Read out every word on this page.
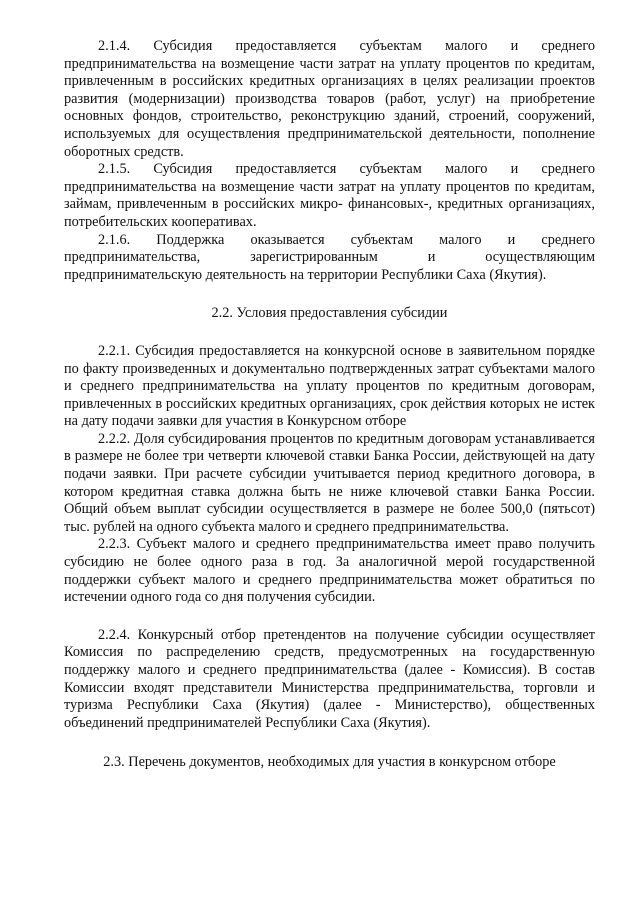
2.1.4. Субсидия предоставляется субъектам малого и среднего предпринимательства на возмещение части затрат на уплату процентов по кредитам, привлеченным в российских кредитных организациях в целях реализации проектов развития (модернизации) производства товаров (работ, услуг) на приобретение основных фондов, строительство, реконструкцию зданий, строений, сооружений, используемых для осуществления предпринимательской деятельности, пополнение оборотных средств.

2.1.5. Субсидия предоставляется субъектам малого и среднего предпринимательства на возмещение части затрат на уплату процентов по кредитам, займам, привлеченным в российских микро- финансовых-, кредитных организациях, потребительских кооперативах.

2.1.6. Поддержка оказывается субъектам малого и среднего предпринимательства, зарегистрированным и осуществляющим предпринимательскую деятельность на территории Республики Саха (Якутия).

2.2. Условия предоставления субсидии

2.2.1. Субсидия предоставляется на конкурсной основе в заявительном порядке по факту произведенных и документально подтвержденных затрат субъектами малого и среднего предпринимательства на уплату процентов по кредитным договорам, привлеченных в российских кредитных организациях, срок действия которых не истек на дату подачи заявки для участия в Конкурсном отборе

2.2.2. Доля субсидирования процентов по кредитным договорам устанавливается в размере не более три четверти ключевой ставки Банка России, действующей на дату подачи заявки. При расчете субсидии учитывается период кредитного договора, в котором кредитная ставка должна быть не ниже ключевой ставки Банка России. Общий объем выплат субсидии осуществляется в размере не более 500,0 (пятьсот) тыс. рублей на одного субъекта малого и среднего предпринимательства.

2.2.3. Субъект малого и среднего предпринимательства имеет право получить субсидию не более одного раза в год. За аналогичной мерой государственной поддержки субъект малого и среднего предпринимательства может обратиться по истечении одного года со дня получения субсидии.

2.2.4. Конкурсный отбор претендентов на получение субсидии осуществляет Комиссия по распределению средств, предусмотренных на государственную поддержку малого и среднего предпринимательства (далее - Комиссия). В состав Комиссии входят представители Министерства предпринимательства, торговли и туризма Республики Саха (Якутия) (далее - Министерство), общественных объединений предпринимателей Республики Саха (Якутия).

2.3. Перечень документов, необходимых для участия в конкурсном отборе
